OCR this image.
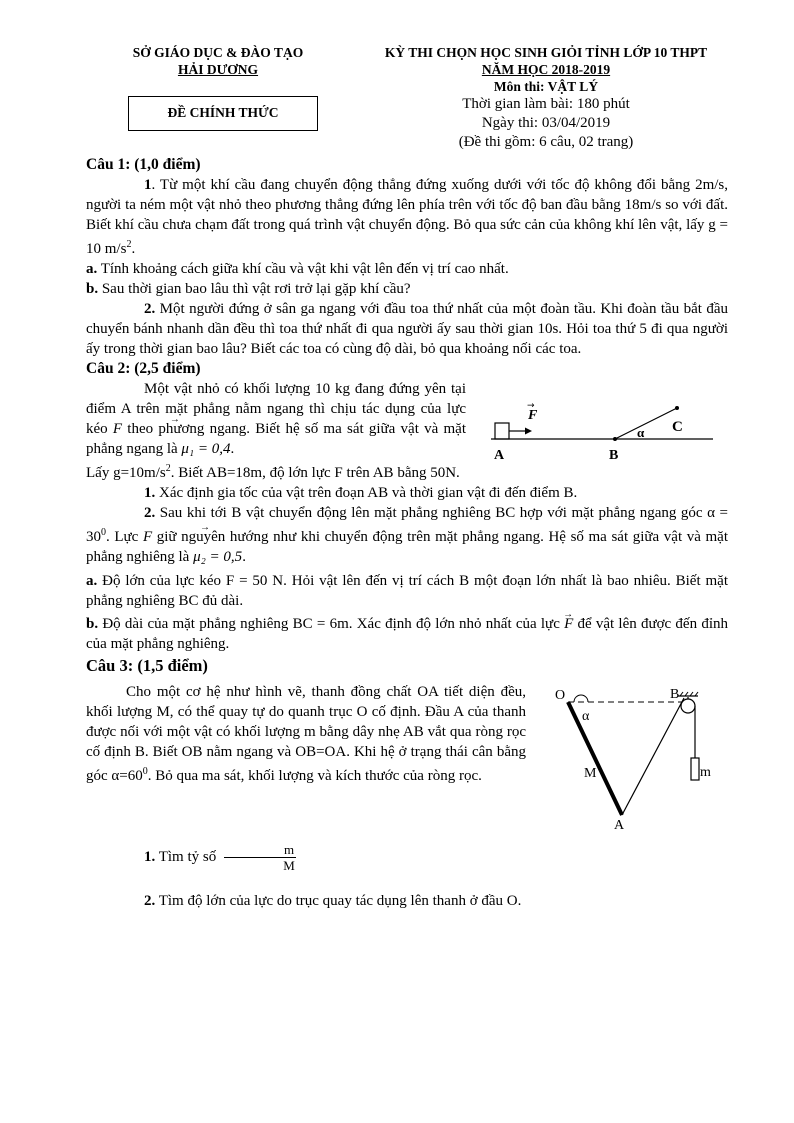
SỞ GIÁO DỤC & ĐÀO TẠO
HẢI DƯƠNG
ĐỀ CHÍNH THỨC
KỲ THI CHỌN HỌC SINH GIỎI TỈNH LỚP 10 THPT
NĂM HỌC 2018-2019
Môn thi: VẬT LÝ
Thời gian làm bài: 180 phút
Ngày thi: 03/04/2019
(Đề thi gồm: 6 câu, 02 trang)

Câu 1: (1,0 điểm)

1. Từ một khí cầu đang chuyển động thẳng đứng xuống dưới với tốc độ không đổi bằng 2m/s, người ta ném một vật nhỏ theo phương thẳng đứng lên phía trên với tốc độ ban đầu bằng 18m/s so với đất. Biết khí cầu chưa chạm đất trong quá trình vật chuyển động. Bỏ qua sức cản của không khí lên vật, lấy g = 10 $m/s^2$.

a. Tính khoảng cách giữa khí cầu và vật khi vật lên đến vị trí cao nhất.

b. Sau thời gian bao lâu thì vật rơi trở lại gặp khí cầu?

2. Một người đứng ở sân ga ngang với đầu toa thứ nhất của một đoàn tầu. Khi đoàn tầu bắt đầu chuyển bánh nhanh dần đều thì toa thứ nhất đi qua người ấy sau thời gian 10s. Hỏi toa thứ 5 đi qua người ấy trong thời gian bao lâu? Biết các toa có cùng độ dài, bỏ qua khoảng nối các toa.

Câu 2: (2,5 điểm)

Một vật nhỏ có khối lượng 10 kg đang đứng yên tại điểm A trên mặt phẳng nằm ngang thì chịu tác dụng của lực kéo → F theo phương ngang. Biết hệ số ma sát giữa vật và mặt phẳng ngang là μ₁ = 0,4.

F
→
α
A	B
C

Lấy $g=10m/s^2$. Biết AB=18m, độ lớn lực F trên AB bằng 50N.

1. Xác định gia tốc của vật trên đoạn AB và thời gian vật đi đến điểm B.

2. Sau khi tới B vật chuyển động lên mặt phẳng nghiêng BC hợp với mặt phẳng ngang góc $\alpha = 30^0$. Lực → F giữ nguyên hướng như khi chuyển động trên mặt phẳng ngang. Hệ số ma sát giữa vật và mặt phẳng nghiêng là μ₂ = 0,5.

a. Độ lớn của lực kéo F = 50 N. Hỏi vật lên đến vị trí cách B một đoạn lớn nhất là bao nhiêu. Biết mặt phẳng nghiêng BC đủ dài.

b. Độ dài của mặt phẳng nghiêng BC = 6m. Xác định độ lớn nhỏ nhất của lực → F để vật lên được đến đỉnh của mặt phẳng nghiêng.

Câu 3: (1,5 điểm)

Cho một cơ hệ như hình vẽ, thanh đồng chất OA tiết diện đều, khối lượng M, có thể quay tự do quanh trục O cố định. Đầu A của thanh được nối với một vật có khối lượng m bằng dây nhẹ AB vắt qua ròng rọc cố định B. Biết OB nằm ngang và OB=OA. Khi hệ ở trạng thái cân bằng góc $\alpha=60^0$. Bỏ qua ma sát, khối lượng và kích thước của ròng rọc.

O	B
α
M	m
A

1. Tìm tỷ số $\frac{m}{M}$

2. Tìm độ lớn của lực do trục quay tác dụng lên thanh ở đầu O.
